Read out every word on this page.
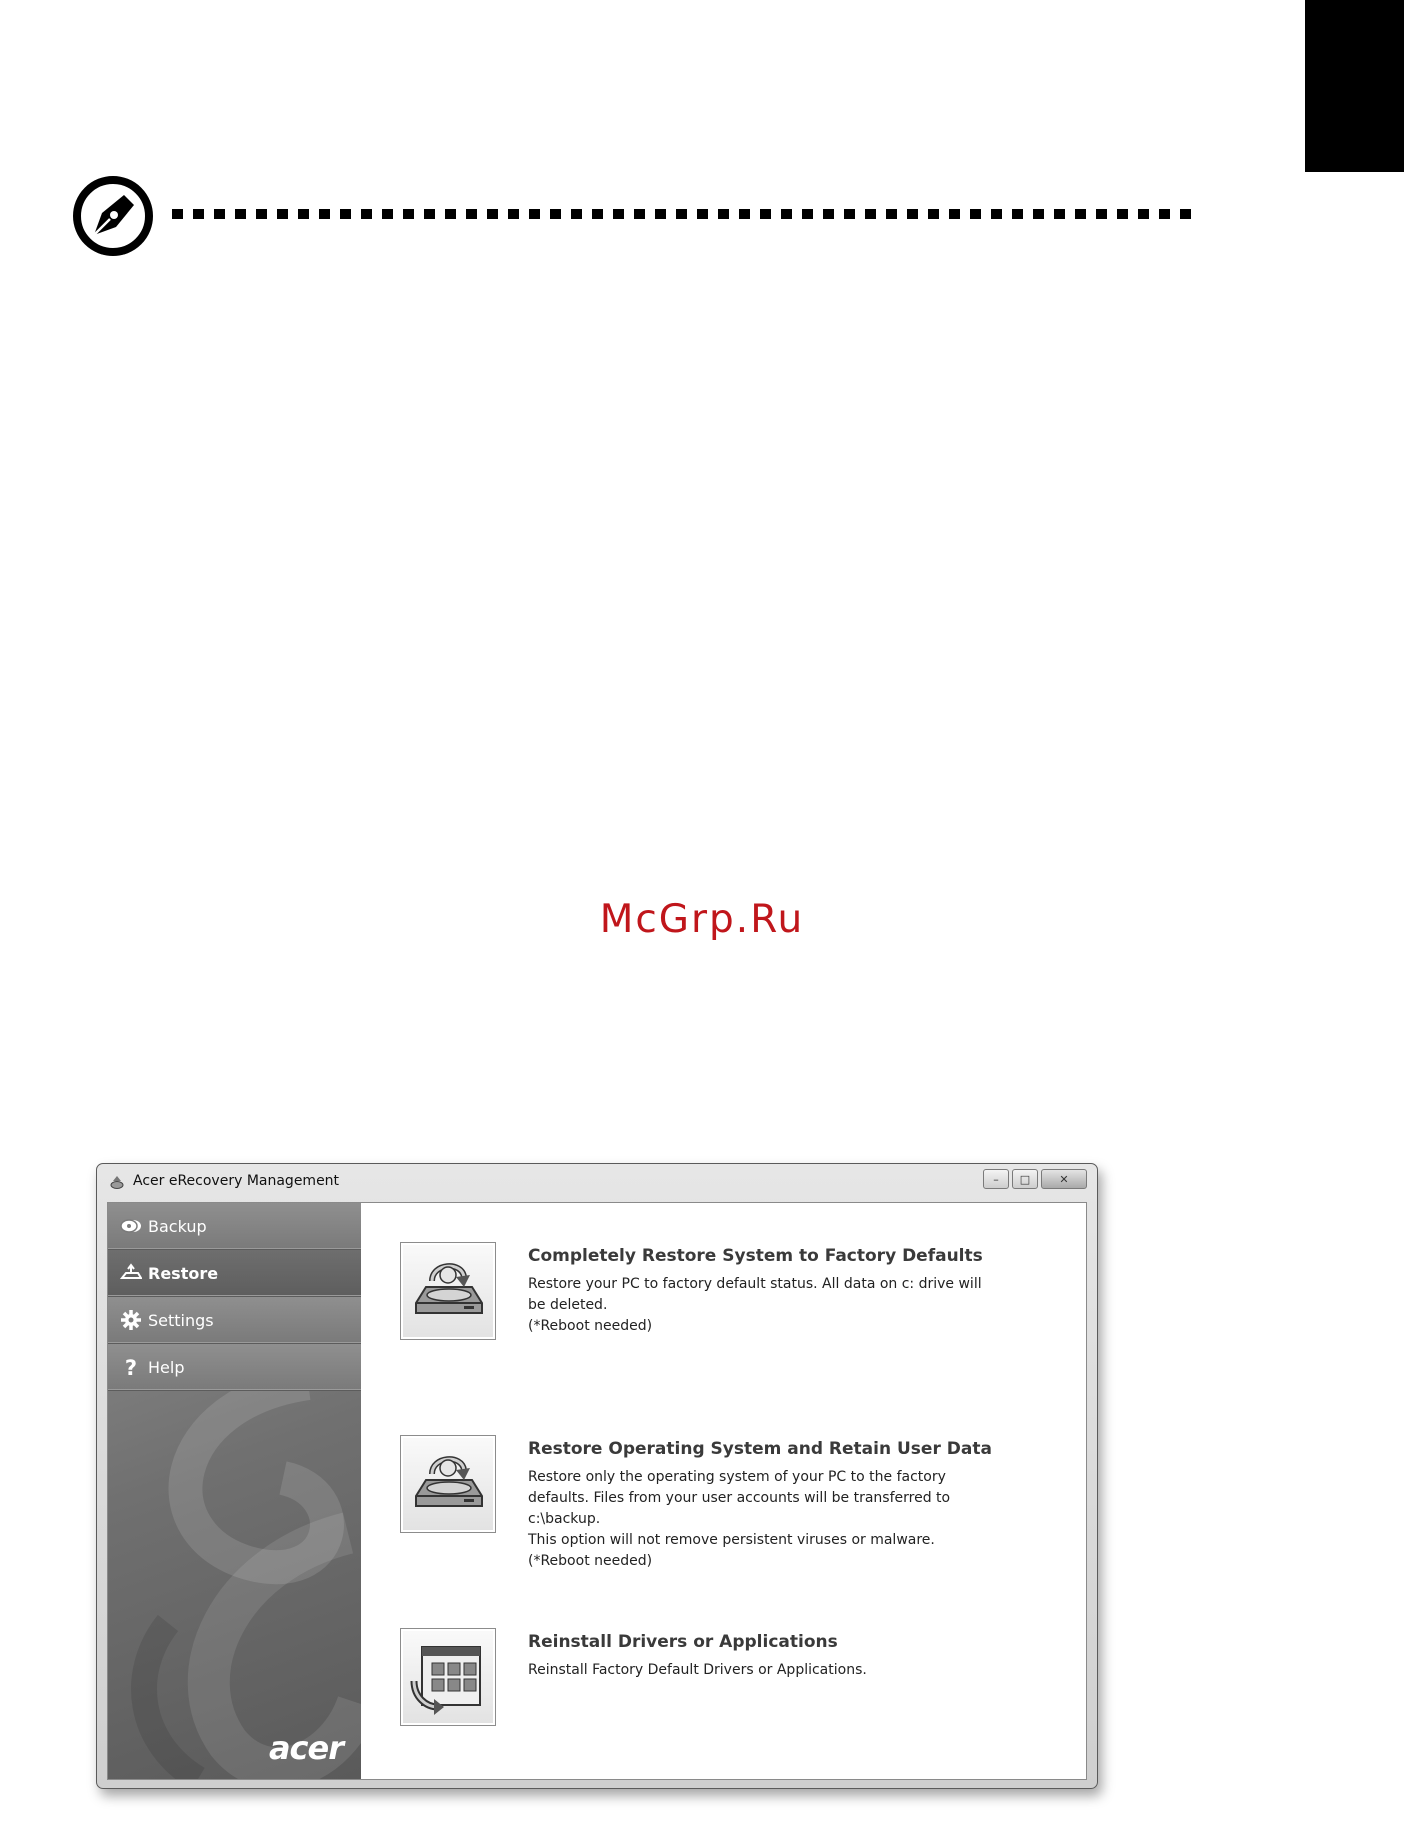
McGrp.Ru
Acer eRecovery Management	–	□	✕
Backup
Restore
Settings
? Help
acer
Completely Restore System to Factory Defaults
Restore your PC to factory default status. All data on c: drive will
be deleted.
(*Reboot needed)
Restore Operating System and Retain User Data
Restore only the operating system of your PC to the factory
defaults. Files from your user accounts will be transferred to
c:\backup.
This option will not remove persistent viruses or malware.
(*Reboot needed)
Reinstall Drivers or Applications
Reinstall Factory Default Drivers or Applications.
